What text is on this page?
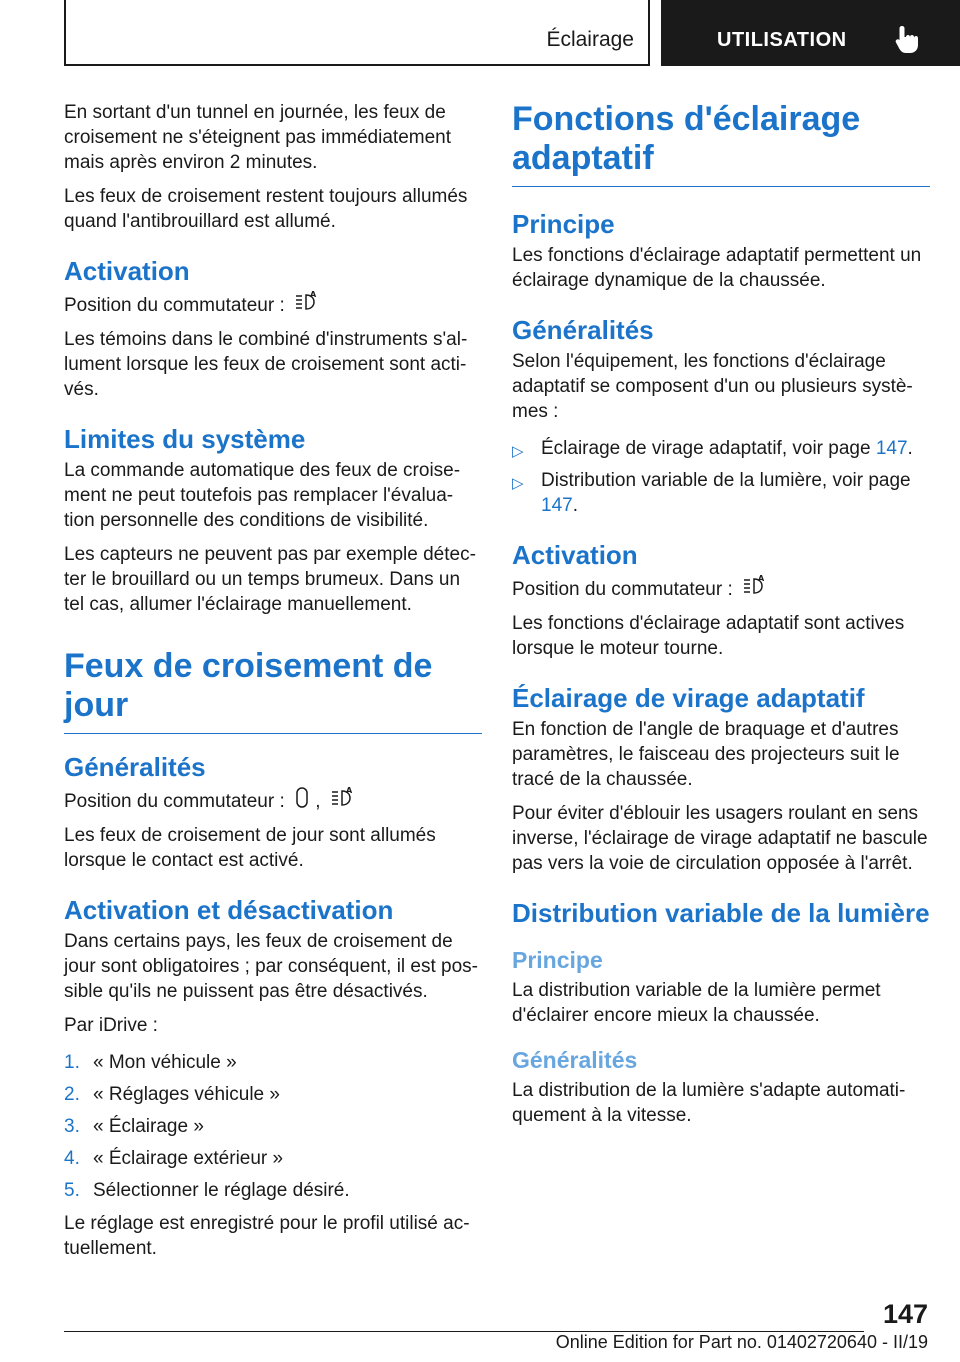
Éclairage	UTILISATION

En sortant d'un tunnel en journée, les feux de croisement ne s'éteignent pas immédiatement mais après environ 2 minutes.

Les feux de croisement restent toujours allumés quand l'antibrouillard est allumé.

Activation

Position du commutateur :
A

Les témoins dans le combiné d'instruments s'al-lument lorsque les feux de croisement sont acti-vés.

Limites du système

La commande automatique des feux de croise-ment ne peut toutefois pas remplacer l'évalua-tion personnelle des conditions de visibilité.

Les capteurs ne peuvent pas par exemple détec-ter le brouillard ou un temps brumeux. Dans un tel cas, allumer l'éclairage manuellement.

Feux de croisement de jour
Généralités

Position du commutateur : ,
A

Les feux de croisement de jour sont allumés lorsque le contact est activé.

Activation et désactivation

Dans certains pays, les feux de croisement de jour sont obligatoires ; par conséquent, il est pos-sible qu'ils ne puissent pas être désactivés.

Par iDrive :

1. « Mon véhicule »
2. « Réglages véhicule »
3. « Éclairage »
4. « Éclairage extérieur »
5. Sélectionner le réglage désiré.

Le réglage est enregistré pour le profil utilisé ac-tuellement.

Fonctions d'éclairage adaptatif
Principe

Les fonctions d'éclairage adaptatif permettent un éclairage dynamique de la chaussée.

Généralités

Selon l'équipement, les fonctions d'éclairage adaptatif se composent d'un ou plusieurs systè-mes :

▷ Éclairage de virage adaptatif, voir page 147.
▷ Distribution variable de la lumière, voir page 147.
Activation

Position du commutateur :
A

Les fonctions d'éclairage adaptatif sont actives lorsque le moteur tourne.

Éclairage de virage adaptatif

En fonction de l'angle de braquage et d'autres paramètres, le faisceau des projecteurs suit le tracé de la chaussée.

Pour éviter d'éblouir les usagers roulant en sens inverse, l'éclairage de virage adaptatif ne bascule pas vers la voie de circulation opposée à l'arrêt.

Distribution variable de la lumière
Principe

La distribution variable de la lumière permet d'éclairer encore mieux la chaussée.

Généralités

La distribution de la lumière s'adapte automati-quement à la vitesse.

147
Online Edition for Part no. 01402720640 - II/19
